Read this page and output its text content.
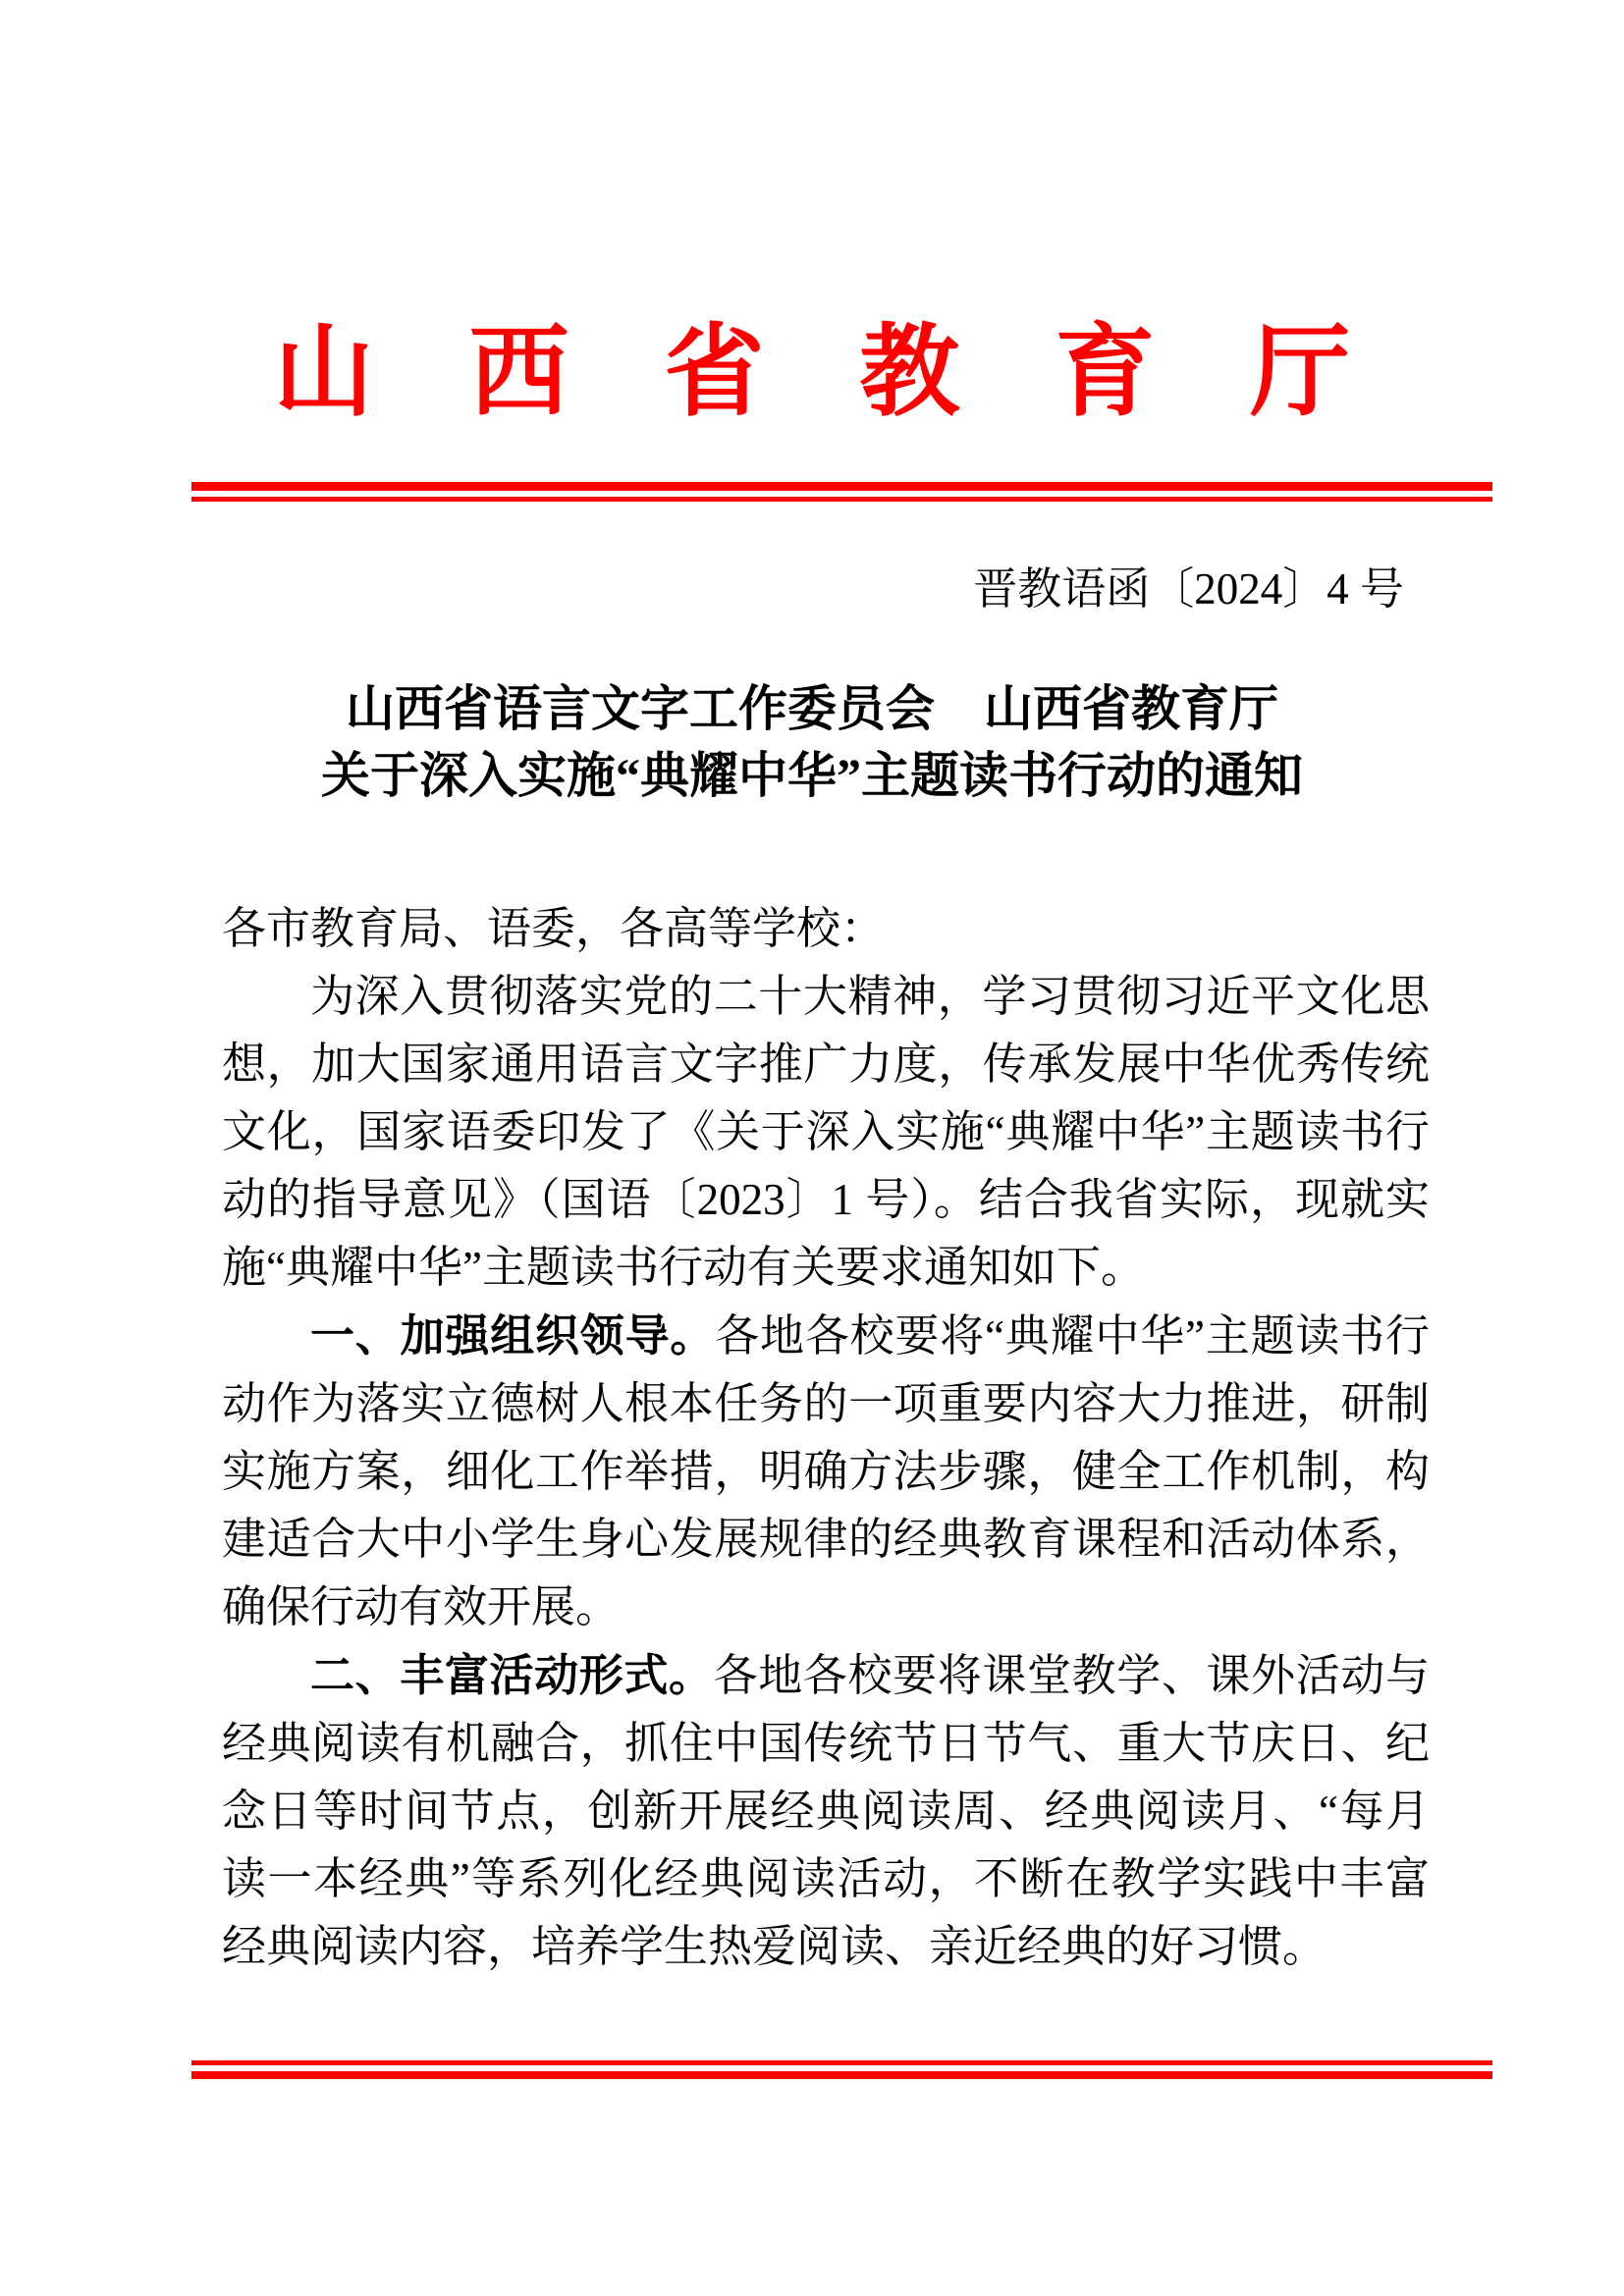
山西省教育厅
晋教语函〔2024〕4 号
山西省语言文字工作委员会　山西省教育厅
关于深入实施“典耀中华”主题读书行动的通知

各市教育局、语委，各高等学校：

为深入贯彻落实党的二十大精神，学习贯彻习近平文化思想，加大国家通用语言文字推广力度，传承发展中华优秀传统文化，国家语委印发了《关于深入实施“典耀中华”主题读书行动的指导意见》（国语〔2023〕1 号）。结合我省实际，现就实施“典耀中华”主题读书行动有关要求通知如下。

一、加强组织领导。各地各校要将“典耀中华”主题读书行动作为落实立德树人根本任务的一项重要内容大力推进，研制实施方案，细化工作举措，明确方法步骤，健全工作机制，构建适合大中小学生身心发展规律的经典教育课程和活动体系，确保行动有效开展。

二、丰富活动形式。各地各校要将课堂教学、课外活动与经典阅读有机融合，抓住中国传统节日节气、重大节庆日、纪念日等时间节点，创新开展经典阅读周、经典阅读月、“每月读一本经典”等系列化经典阅读活动，不断在教学实践中丰富经典阅读内容，培养学生热爱阅读、亲近经典的好习惯。
